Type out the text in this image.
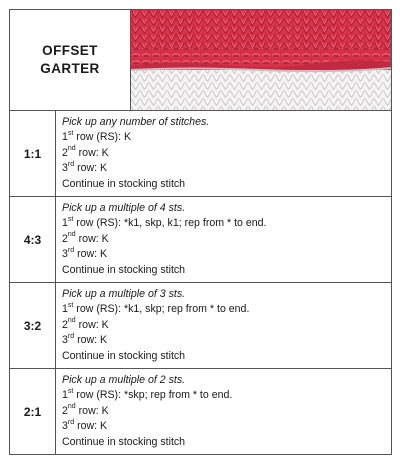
OFFSET
GARTER

1:1	Pick up any number of stitches.
1st row (RS): K
2nd row: K
3rd row: K
Continue in stocking stitch	

4:3	Pick up a multiple of 4 sts.
1st row (RS): *k1, skp, k1; rep from * to end.
2nd row: K
3rd row: K
Continue in stocking stitch	

3:2	Pick up a multiple of 3 sts.
1st row (RS): *k1, skp; rep from * to end.
2nd row: K
3rd row: K
Continue in stocking stitch	

2:1	Pick up a multiple of 2 sts.
1st row (RS): *skp; rep from * to end.
2nd row: K
3rd row: K
Continue in stocking stitch	
